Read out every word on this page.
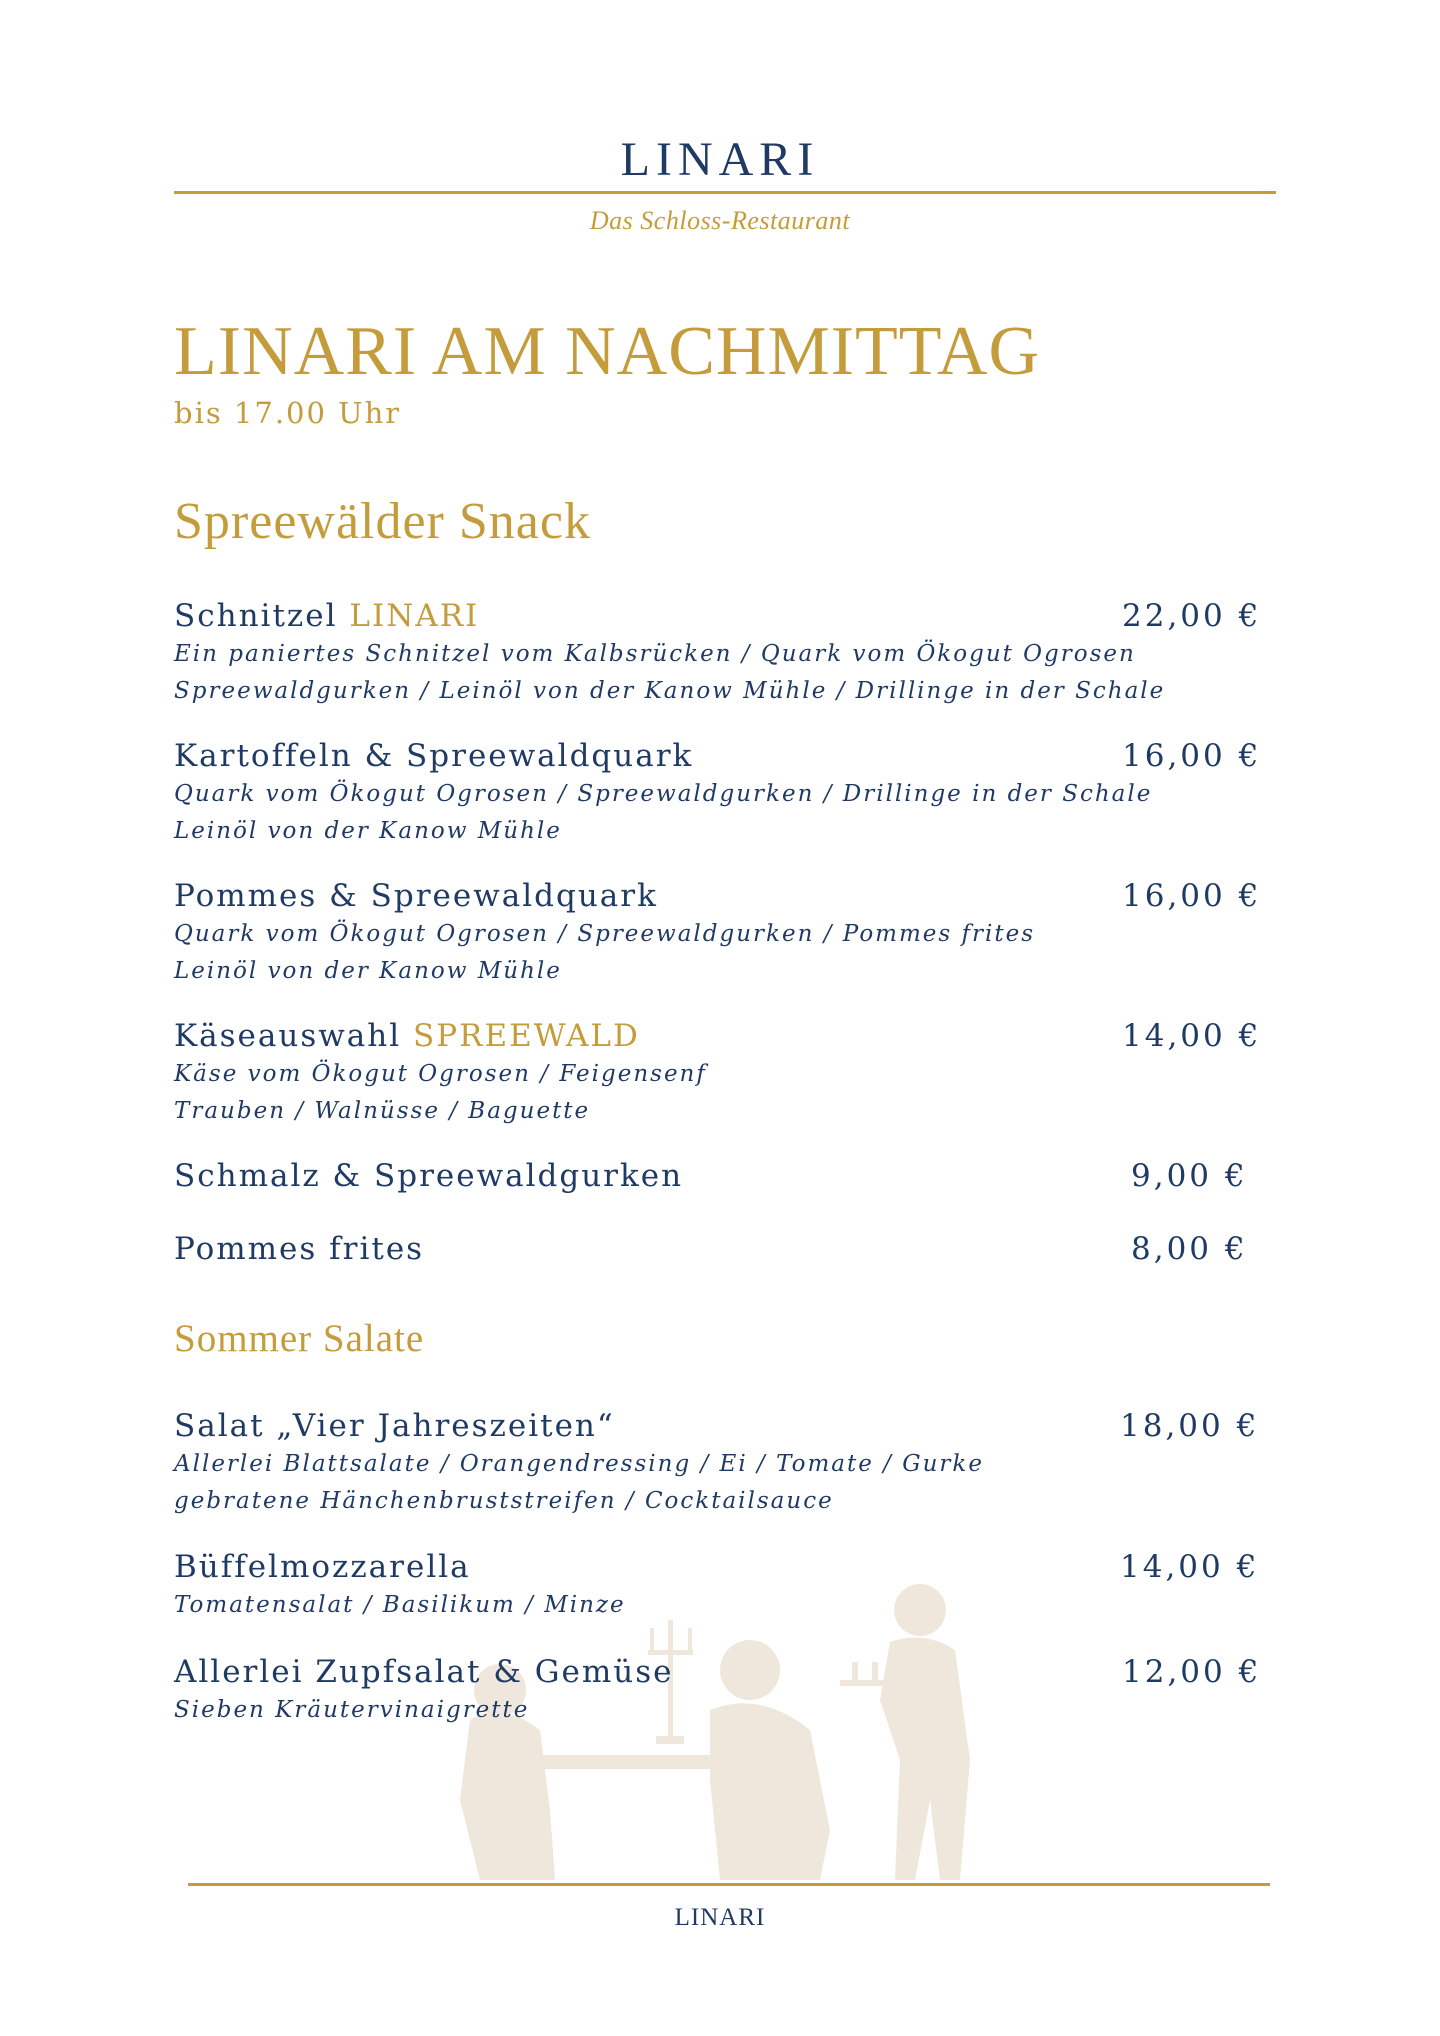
LINARI
Das Schloss-Restaurant
LINARI AM NACHMITTAG
bis 17.00 Uhr
Spreewälder Snack
Schnitzel LINARI
Ein paniertes Schnitzel vom Kalbsrücken / Quark vom Ökogut Ogrosen
Spreewaldgurken / Leinöl von der Kanow Mühle / Drillinge in der Schale
22,00 €
Kartoffeln & Spreewaldquark
Quark vom Ökogut Ogrosen / Spreewaldgurken / Drillinge in der Schale
Leinöl von der Kanow Mühle
16,00 €
Pommes & Spreewaldquark
Quark vom Ökogut Ogrosen / Spreewaldgurken / Pommes frites
Leinöl von der Kanow Mühle
16,00 €
Käseauswahl SPREEWALD
Käse vom Ökogut Ogrosen / Feigensenf
Trauben / Walnüsse / Baguette
14,00 €
Schmalz & Spreewaldgurken	9,00 €
Pommes frites	8,00 €
Sommer Salate
Salat „Vier Jahreszeiten“
Allerlei Blattsalate / Orangendressing / Ei / Tomate / Gurke
gebratene Hänchenbruststreifen / Cocktailsauce
18,00 €
Büffelmozzarella
Tomatensalat / Basilikum / Minze
14,00 €
Allerlei Zupfsalat & Gemüse
Sieben Kräutervinaigrette
12,00 €
LINARI
